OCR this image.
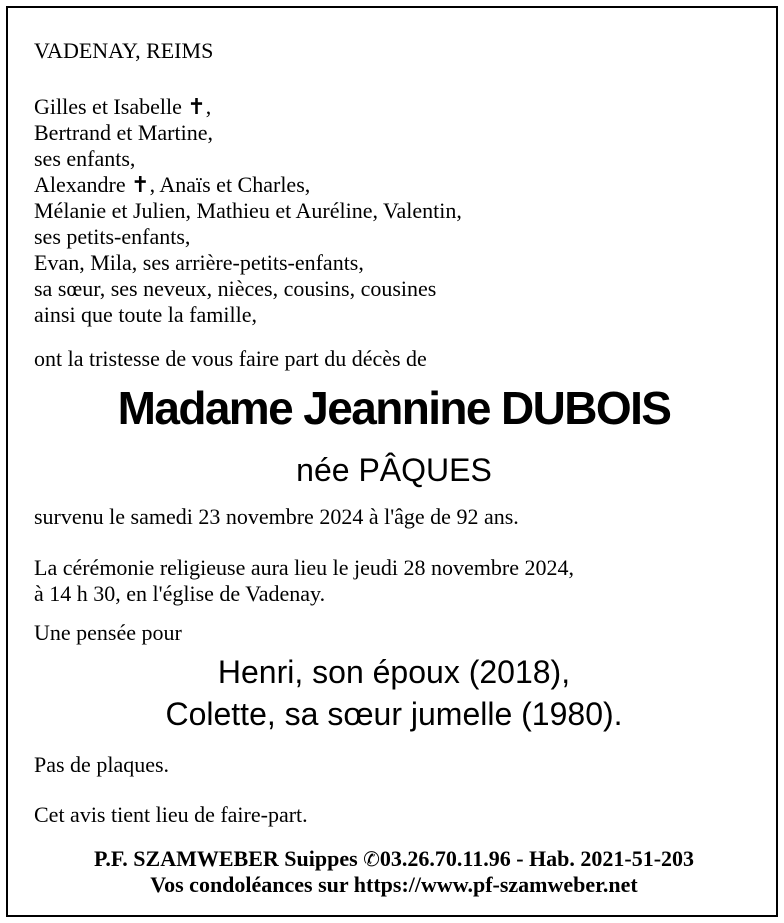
VADENAY, REIMS
Gilles et Isabelle ✝,
Bertrand et Martine,
ses enfants,
Alexandre ✝, Anaïs et Charles,
Mélanie et Julien, Mathieu et Auréline, Valentin,
ses petits-enfants,
Evan, Mila, ses arrière-petits-enfants,
sa sœur, ses neveux, nièces, cousins, cousines
ainsi que toute la famille,
ont la tristesse de vous faire part du décès de
Madame Jeannine DUBOIS
née PÂQUES
survenu le samedi 23 novembre 2024 à l'âge de 92 ans.
La cérémonie religieuse aura lieu le jeudi 28 novembre 2024,
à 14 h 30, en l'église de Vadenay.
Une pensée pour
Henri, son époux (2018),
Colette, sa sœur jumelle (1980).
Pas de plaques.
Cet avis tient lieu de faire-part.
P.F. SZAMWEBER Suippes ✆03.26.70.11.96 - Hab. 2021-51-203
Vos condoléances sur https://www.pf-szamweber.net
